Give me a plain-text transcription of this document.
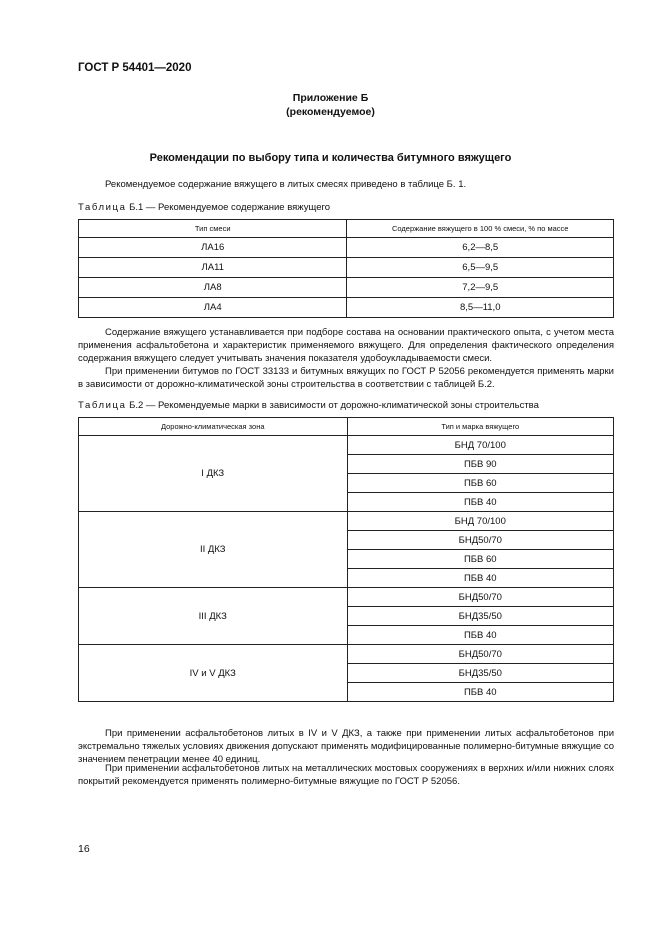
ГОСТ Р 54401—2020
Приложение Б
(рекомендуемое)
Рекомендации по выбору типа и количества битумного вяжущего
Рекомендуемое содержание вяжущего в литых смесях приведено в таблице Б. 1.
Таблица Б.1 — Рекомендуемое содержание вяжущего
Тип смеси	Содержание вяжущего в 100 % смеси, % по массе
ЛА16	6,2—8,5
ЛА11	6,5—9,5
ЛА8	7,2—9,5
ЛА4	8,5—11,0
Содержание вяжущего устанавливается при подборе состава на основании практического опыта, с учетом места применения асфальтобетона и характеристик применяемого вяжущего. Для определения фактического определения содержания вяжущего следует учитывать значения показателя удобоукладываемости смеси.
При применении битумов по ГОСТ 33133 и битумных вяжущих по ГОСТ Р 52056 рекомендуется применять марки в зависимости от дорожно-климатической зоны строительства в соответствии с таблицей Б.2.
Таблица Б.2 — Рекомендуемые марки в зависимости от дорожно-климатической зоны строительства
Дорожно-климатическая зона	Тип и марка вяжущего
I ДКЗ	БНД 70/100
	ПБВ 90
	ПБВ 60
	ПБВ 40
II ДКЗ	БНД 70/100
	БНД50/70
	ПБВ 60
	ПБВ 40
III ДКЗ	БНД50/70
	БНД35/50
	ПБВ 40
IV и V ДКЗ	БНД50/70
	БНД35/50
	ПБВ 40
При применении асфальтобетонов литых в IV и V ДКЗ, а также при применении литых асфальтобетонов при экстремально тяжелых условиях движения допускают применять модифицированные полимерно-битумные вяжущие со значением пенетрации менее 40 единиц.
При применении асфальтобетонов литых на металлических мостовых сооружениях в верхних и/или нижних слоях покрытий рекомендуется применять полимерно-битумные вяжущие по ГОСТ Р 52056.
16
